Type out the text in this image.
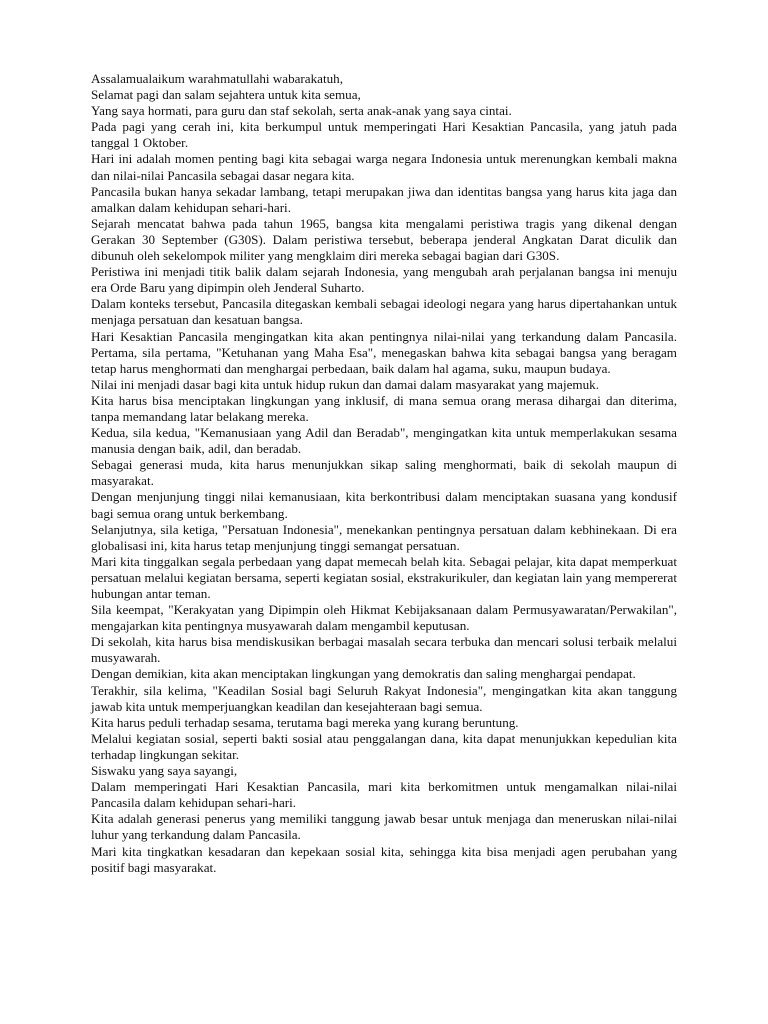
Assalamualaikum warahmatullahi wabarakatuh,

Selamat pagi dan salam sejahtera untuk kita semua,

Yang saya hormati, para guru dan staf sekolah, serta anak-anak yang saya cintai.

Pada pagi yang cerah ini, kita berkumpul untuk memperingati Hari Kesaktian Pancasila, yang jatuh pada tanggal 1 Oktober.

Hari ini adalah momen penting bagi kita sebagai warga negara Indonesia untuk merenungkan kembali makna dan nilai-nilai Pancasila sebagai dasar negara kita.

Pancasila bukan hanya sekadar lambang, tetapi merupakan jiwa dan identitas bangsa yang harus kita jaga dan amalkan dalam kehidupan sehari-hari.

Sejarah mencatat bahwa pada tahun 1965, bangsa kita mengalami peristiwa tragis yang dikenal dengan Gerakan 30 September (G30S). Dalam peristiwa tersebut, beberapa jenderal Angkatan Darat diculik dan dibunuh oleh sekelompok militer yang mengklaim diri mereka sebagai bagian dari G30S.

Peristiwa ini menjadi titik balik dalam sejarah Indonesia, yang mengubah arah perjalanan bangsa ini menuju era Orde Baru yang dipimpin oleh Jenderal Suharto.

Dalam konteks tersebut, Pancasila ditegaskan kembali sebagai ideologi negara yang harus dipertahankan untuk menjaga persatuan dan kesatuan bangsa.

Hari Kesaktian Pancasila mengingatkan kita akan pentingnya nilai-nilai yang terkandung dalam Pancasila. Pertama, sila pertama, "Ketuhanan yang Maha Esa", menegaskan bahwa kita sebagai bangsa yang beragam tetap harus menghormati dan menghargai perbedaan, baik dalam hal agama, suku, maupun budaya.

Nilai ini menjadi dasar bagi kita untuk hidup rukun dan damai dalam masyarakat yang majemuk.

Kita harus bisa menciptakan lingkungan yang inklusif, di mana semua orang merasa dihargai dan diterima, tanpa memandang latar belakang mereka.

Kedua, sila kedua, "Kemanusiaan yang Adil dan Beradab", mengingatkan kita untuk memperlakukan sesama manusia dengan baik, adil, dan beradab.

Sebagai generasi muda, kita harus menunjukkan sikap saling menghormati, baik di sekolah maupun di masyarakat.

Dengan menjunjung tinggi nilai kemanusiaan, kita berkontribusi dalam menciptakan suasana yang kondusif bagi semua orang untuk berkembang.

Selanjutnya, sila ketiga, "Persatuan Indonesia", menekankan pentingnya persatuan dalam kebhinekaan. Di era globalisasi ini, kita harus tetap menjunjung tinggi semangat persatuan.

Mari kita tinggalkan segala perbedaan yang dapat memecah belah kita. Sebagai pelajar, kita dapat memperkuat persatuan melalui kegiatan bersama, seperti kegiatan sosial, ekstrakurikuler, dan kegiatan lain yang mempererat hubungan antar teman.

Sila keempat, "Kerakyatan yang Dipimpin oleh Hikmat Kebijaksanaan dalam Permusyawaratan/Perwakilan", mengajarkan kita pentingnya musyawarah dalam mengambil keputusan.

Di sekolah, kita harus bisa mendiskusikan berbagai masalah secara terbuka dan mencari solusi terbaik melalui musyawarah.

Dengan demikian, kita akan menciptakan lingkungan yang demokratis dan saling menghargai pendapat.

Terakhir, sila kelima, "Keadilan Sosial bagi Seluruh Rakyat Indonesia", mengingatkan kita akan tanggung jawab kita untuk memperjuangkan keadilan dan kesejahteraan bagi semua.

Kita harus peduli terhadap sesama, terutama bagi mereka yang kurang beruntung.

Melalui kegiatan sosial, seperti bakti sosial atau penggalangan dana, kita dapat menunjukkan kepedulian kita terhadap lingkungan sekitar.

Siswaku yang saya sayangi,

Dalam memperingati Hari Kesaktian Pancasila, mari kita berkomitmen untuk mengamalkan nilai-nilai Pancasila dalam kehidupan sehari-hari.

Kita adalah generasi penerus yang memiliki tanggung jawab besar untuk menjaga dan meneruskan nilai-nilai luhur yang terkandung dalam Pancasila.

Mari kita tingkatkan kesadaran dan kepekaan sosial kita, sehingga kita bisa menjadi agen perubahan yang positif bagi masyarakat.
